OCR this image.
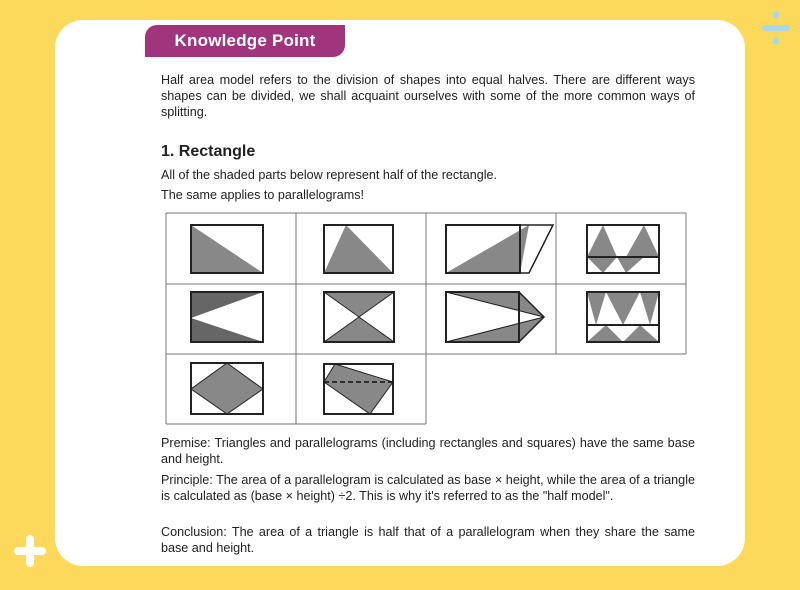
Knowledge Point

Half area model refers to the division of shapes into equal halves. There are different ways shapes can be divided, we shall acquaint ourselves with some of the more common ways of splitting.

1. Rectangle

All of the shaded parts below represent half of the rectangle.

The same applies to parallelograms!

Premise: Triangles and parallelograms (including rectangles and squares) have the same base and height.

Principle: The area of a parallelogram is calculated as base × height, while the area of a triangle is calculated as (base × height) ÷2. This is why it's referred to as the "half model".

Conclusion: The area of a triangle is half that of a parallelogram when they share the same base and height.
